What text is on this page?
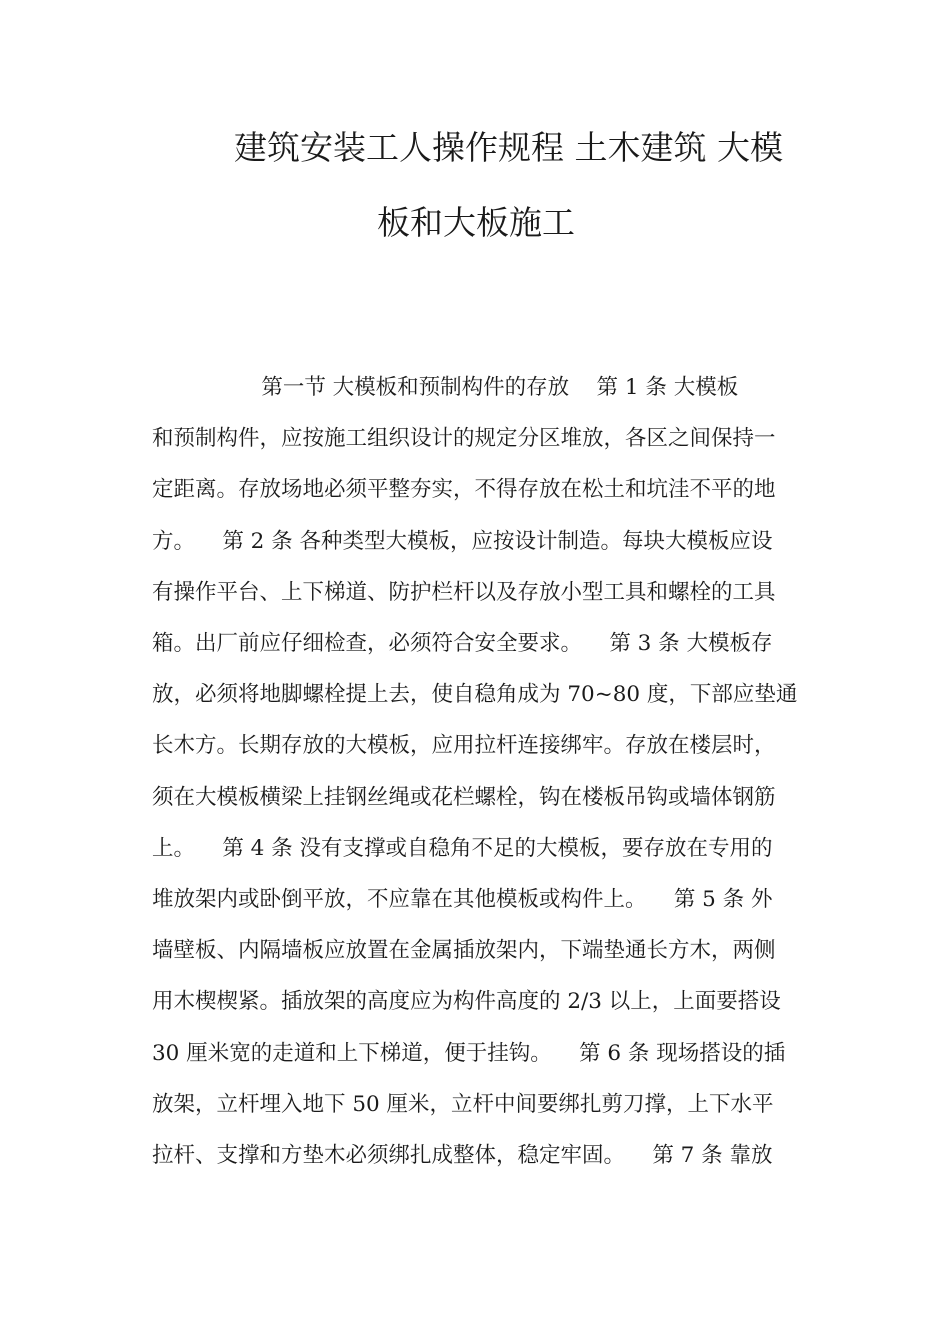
建筑安装工人操作规程 土木建筑 大模
板和大板施工
第一节 大模板和预制构件的存放    第 1 条 大模板
和预制构件，应按施工组织设计的规定分区堆放，各区之间保持一
定距离。存放场地必须平整夯实，不得存放在松土和坑洼不平的地
方。    第 2 条 各种类型大模板，应按设计制造。每块大模板应设
有操作平台、上下梯道、防护栏杆以及存放小型工具和螺栓的工具
箱。出厂前应仔细检查，必须符合安全要求。    第 3 条 大模板存
放，必须将地脚螺栓提上去，使自稳角成为 70~80 度，下部应垫通
长木方。长期存放的大模板，应用拉杆连接绑牢。存放在楼层时，
须在大模板横梁上挂钢丝绳或花栏螺栓，钩在楼板吊钩或墙体钢筋
上。    第 4 条 没有支撑或自稳角不足的大模板，要存放在专用的
堆放架内或卧倒平放，不应靠在其他模板或构件上。    第 5 条 外
墙壁板、内隔墙板应放置在金属插放架内，下端垫通长方木，两侧
用木楔楔紧。插放架的高度应为构件高度的 2/3 以上，上面要搭设
30 厘米宽的走道和上下梯道，便于挂钩。    第 6 条 现场搭设的插
放架，立杆埋入地下 50 厘米，立杆中间要绑扎剪刀撑，上下水平
拉杆、支撑和方垫木必须绑扎成整体，稳定牢固。    第 7 条 靠放
